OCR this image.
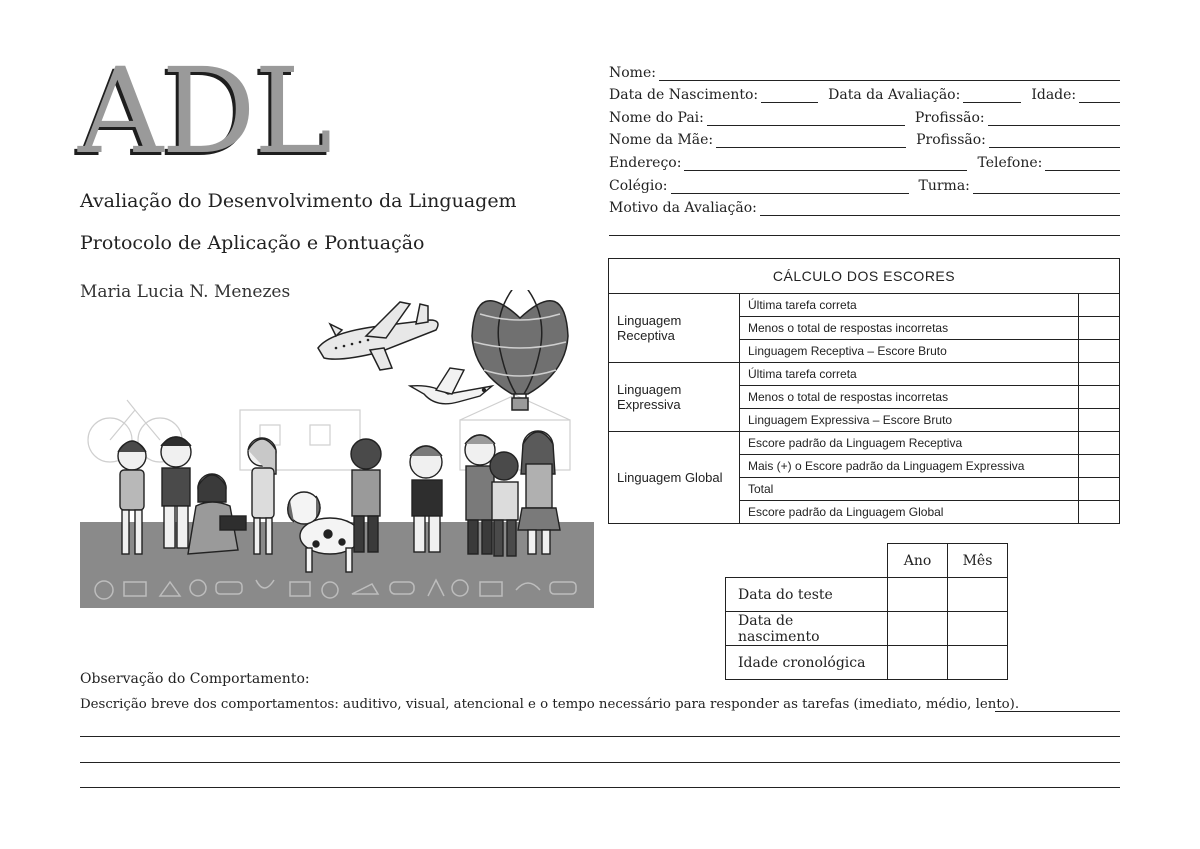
ADL
Avaliação do Desenvolvimento da Linguagem
Protocolo de Aplicação e Pontuação
Maria Lucia N. Menezes
Nome:
Data de Nascimento:	Data da Avaliação:	Idade:
Nome do Pai:	Profissão:
Nome da Mãe:	Profissão:
Endereço:	Telefone:
Colégio:	Turma:
Motivo da Avaliação:
CÁLCULO DOS ESCORES		
Linguagem Receptiva	Última tarefa correta	
	Menos o total de respostas incorretas	
	Linguagem Receptiva – Escore Bruto	
Linguagem Expressiva	Última tarefa correta	
	Menos o total de respostas incorretas	
	Linguagem Expressiva – Escore Bruto	
Linguagem Global	Escore padrão da Linguagem Receptiva	
	Mais (+) o Escore padrão da Linguagem Expressiva	
	Total	
	Escore padrão da Linguagem Global	
	Ano	Mês
Data do teste		
Data de nascimento		
Idade cronológica		
Observação do Comportamento:
Descrição breve dos comportamentos: auditivo, visual, atencional e o tempo necessário para responder as tarefas (imediato, médio, lento).
